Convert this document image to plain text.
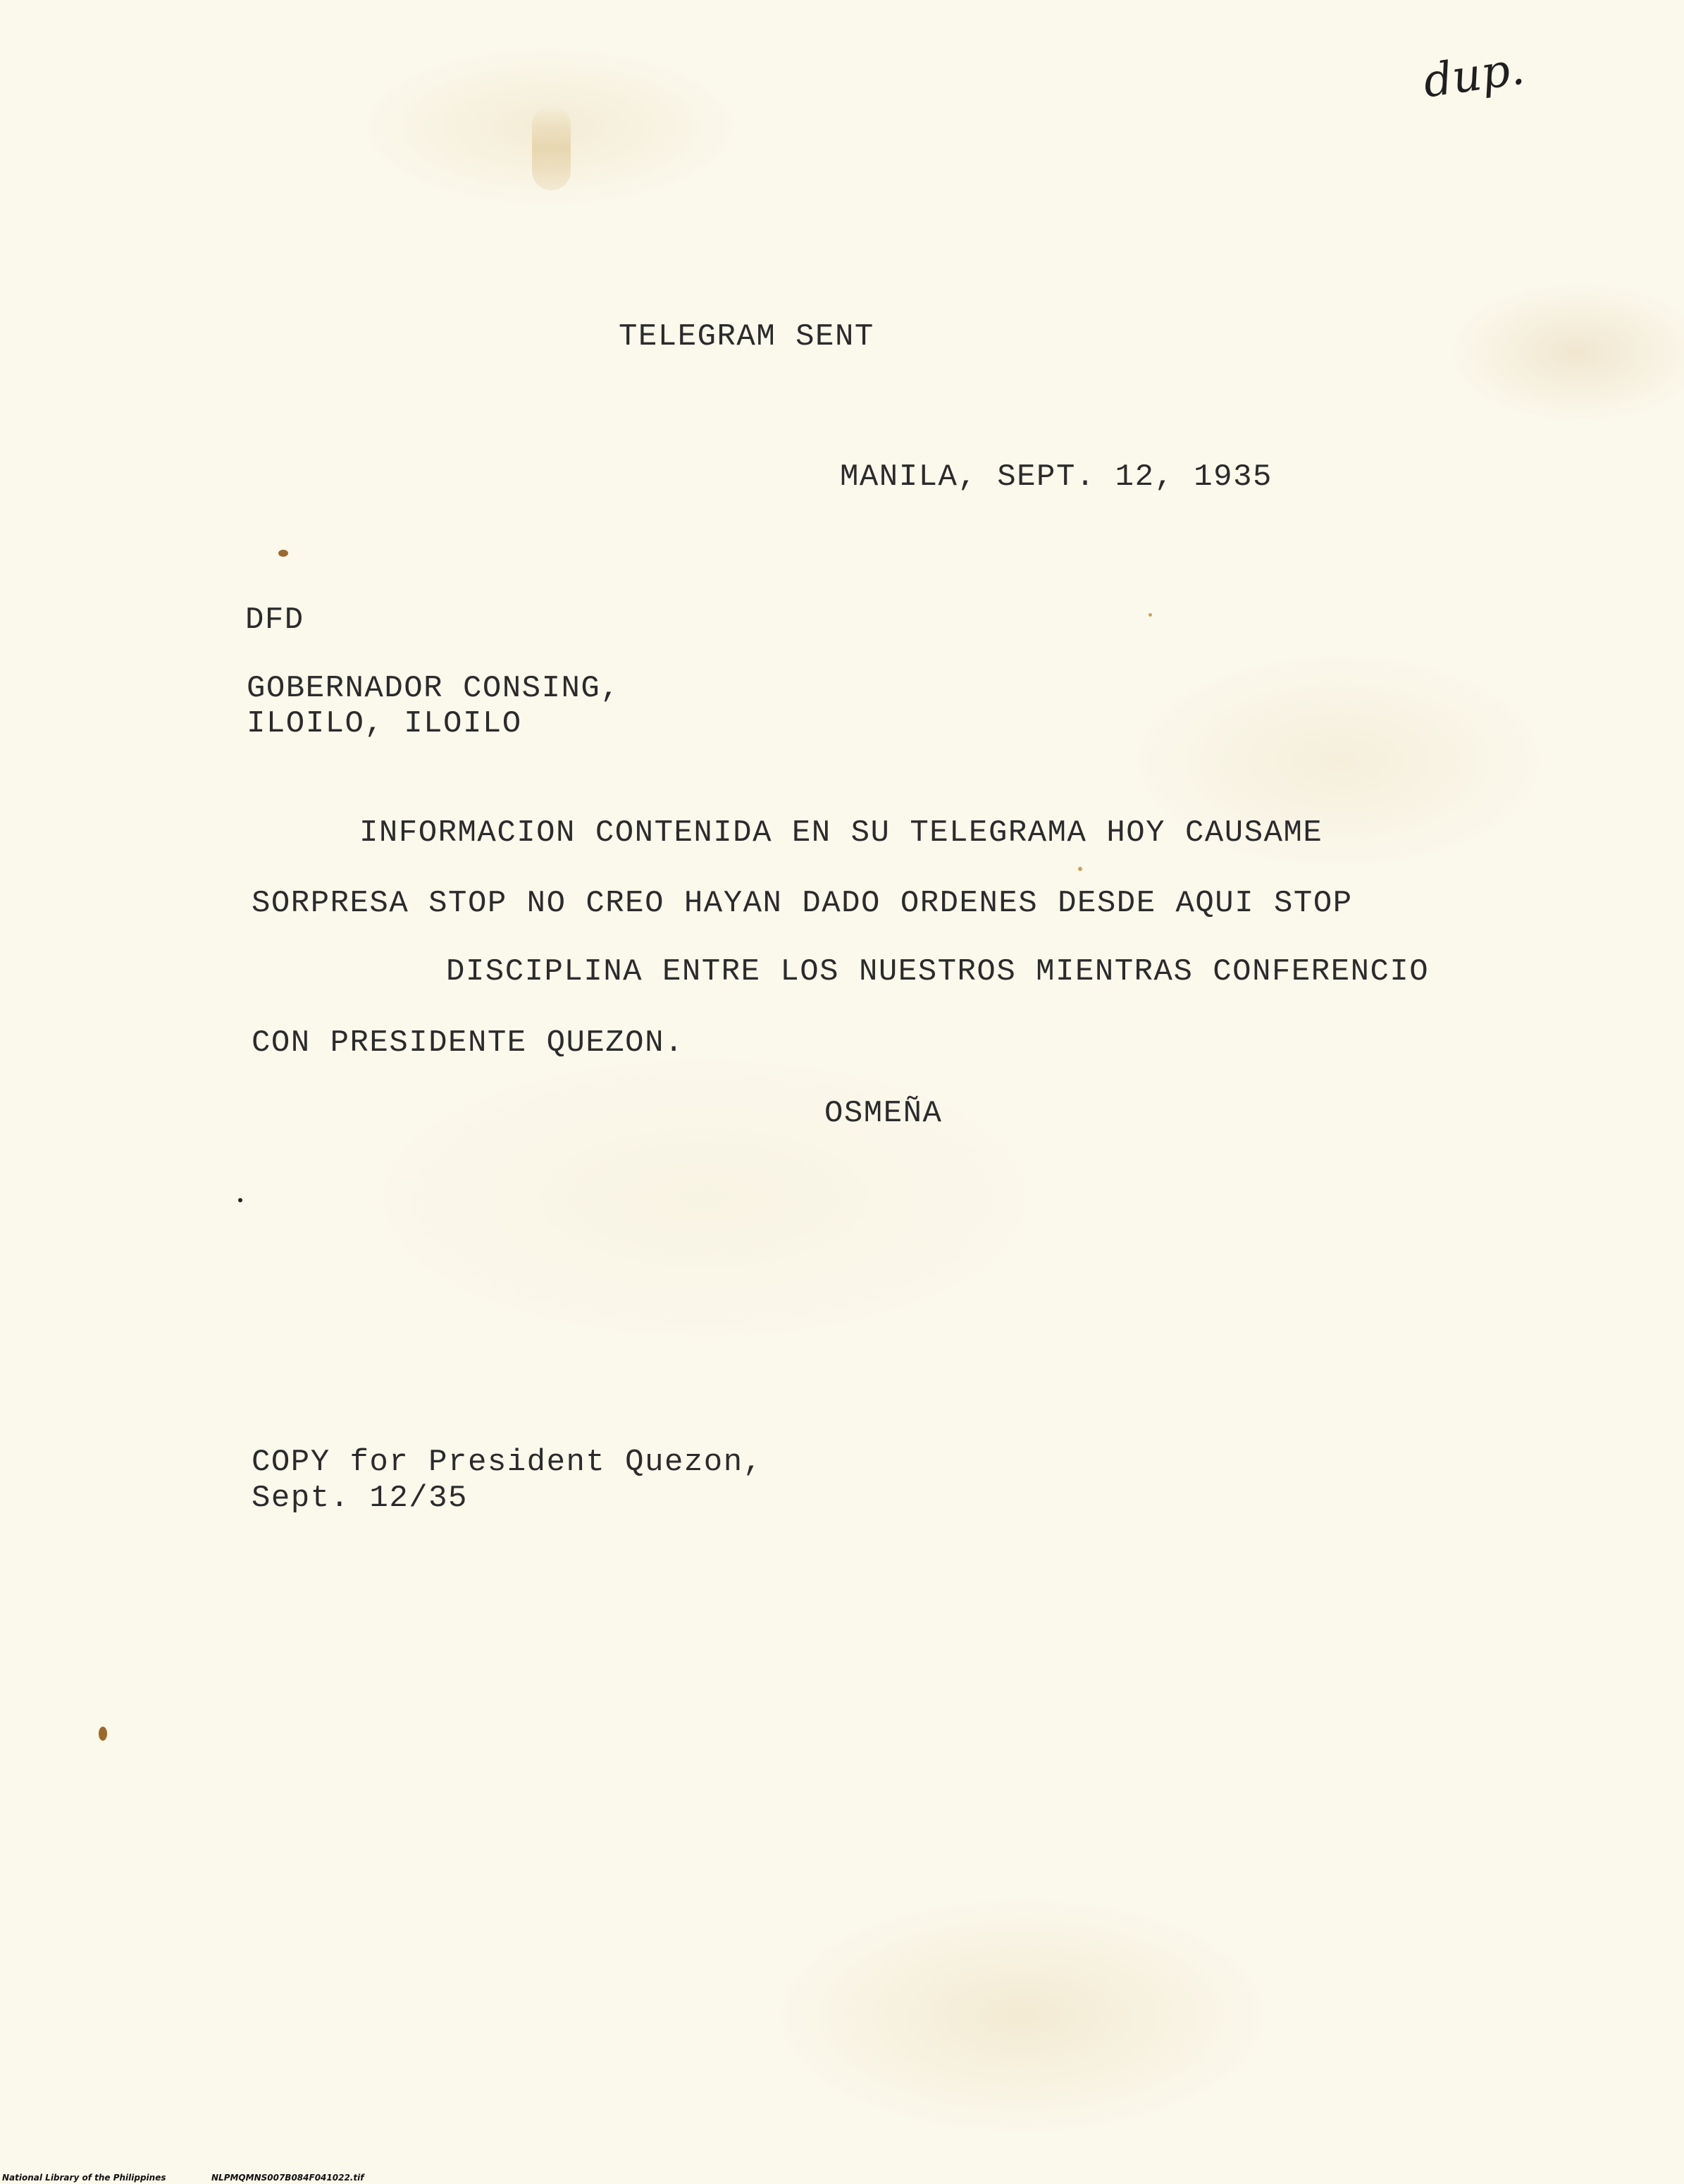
dup.
TELEGRAM SENT
MANILA, SEPT. 12, 1935
DFD
GOBERNADOR CONSING,
ILOILO, ILOILO
INFORMACION CONTENIDA EN SU TELEGRAMA HOY CAUSAME
SORPRESA STOP NO CREO HAYAN DADO ORDENES DESDE AQUI STOP
DISCIPLINA ENTRE LOS NUESTROS MIENTRAS CONFERENCIO
CON PRESIDENTE QUEZON.
OSMEÑA
COPY for President Quezon,
Sept. 12/35
National Library of the Philippines	NLPMQMNS007B084F041022.tif
